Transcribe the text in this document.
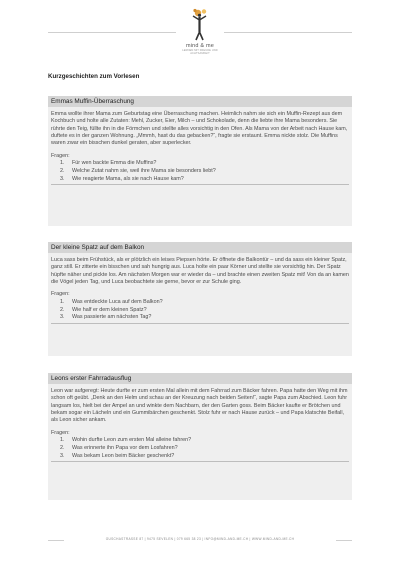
mind & me
LERNEN MIT FREUDE UND ACHTSAMKEIT
Kurzgeschichten zum Vorlesen
Emmas Muffin-Überraschung
Emma wollte ihrer Mama zum Geburtstag eine Überraschung machen. Heimlich nahm sie sich ein Muffin-Rezept aus dem Kochbuch und holte alle Zutaten: Mehl, Zucker, Eier, Milch – und Schokolade, denn die liebte ihre Mama besonders. Sie rührte den Teig, füllte ihn in die Förmchen und stellte alles vorsichtig in den Ofen. Als Mama von der Arbeit nach Hause kam, duftete es in der ganzen Wohnung. „Mmmh, hast du das gebacken?“, fragte sie erstaunt. Emma nickte stolz. Die Muffins waren zwar ein bisschen dunkel geraten, aber superlecker.
Fragen:
1. Für wen backte Emma die Muffins?
2. Welche Zutat nahm sie, weil ihre Mama sie besonders liebt?
3. Wie reagierte Mama, als sie nach Hause kam?
Der kleine Spatz auf dem Balkon
Luca sass beim Frühstück, als er plötzlich ein leises Piepsen hörte. Er öffnete die Balkontür – und da sass ein kleiner Spatz, ganz still. Er zitterte ein bisschen und sah hungrig aus. Luca holte ein paar Körner und stellte sie vorsichtig hin. Der Spatz hüpfte näher und pickte los. Am nächsten Morgen war er wieder da – und brachte einen zweiten Spatz mit! Von da an kamen die Vögel jeden Tag, und Luca beobachtete sie gerne, bevor er zur Schule ging.
Fragen:
1. Was entdeckte Luca auf dem Balkon?
2. Wie half er dem kleinen Spatz?
3. Was passierte am nächsten Tag?
Leons erster Fahrradausflug
Leon war aufgeregt: Heute durfte er zum ersten Mal allein mit dem Fahrrad zum Bäcker fahren. Papa hatte den Weg mit ihm schon oft geübt. „Denk an den Helm und schau an der Kreuzung nach beiden Seiten!“, sagte Papa zum Abschied. Leon fuhr langsam los, hielt bei der Ampel an und winkte dem Nachbarn, der den Garten goss. Beim Bäcker kaufte er Brötchen und bekam sogar ein Lächeln und ein Gummibärchen geschenkt. Stolz fuhr er nach Hause zurück – und Papa klatschte Beifall, als Leon sicher ankam.
Fragen:
1. Wohin durfte Leon zum ersten Mal alleine fahren?
2. Was erinnerte ihn Papa vor dem Losfahren?
3. Was bekam Leon beim Bäcker geschenkt?
GUSCHASTRASSE 87 | 9475 SEVELEN | 079 665 38 23 | INFO@MIND-AND-ME.CH | WWW.MIND-AND-ME.CH
